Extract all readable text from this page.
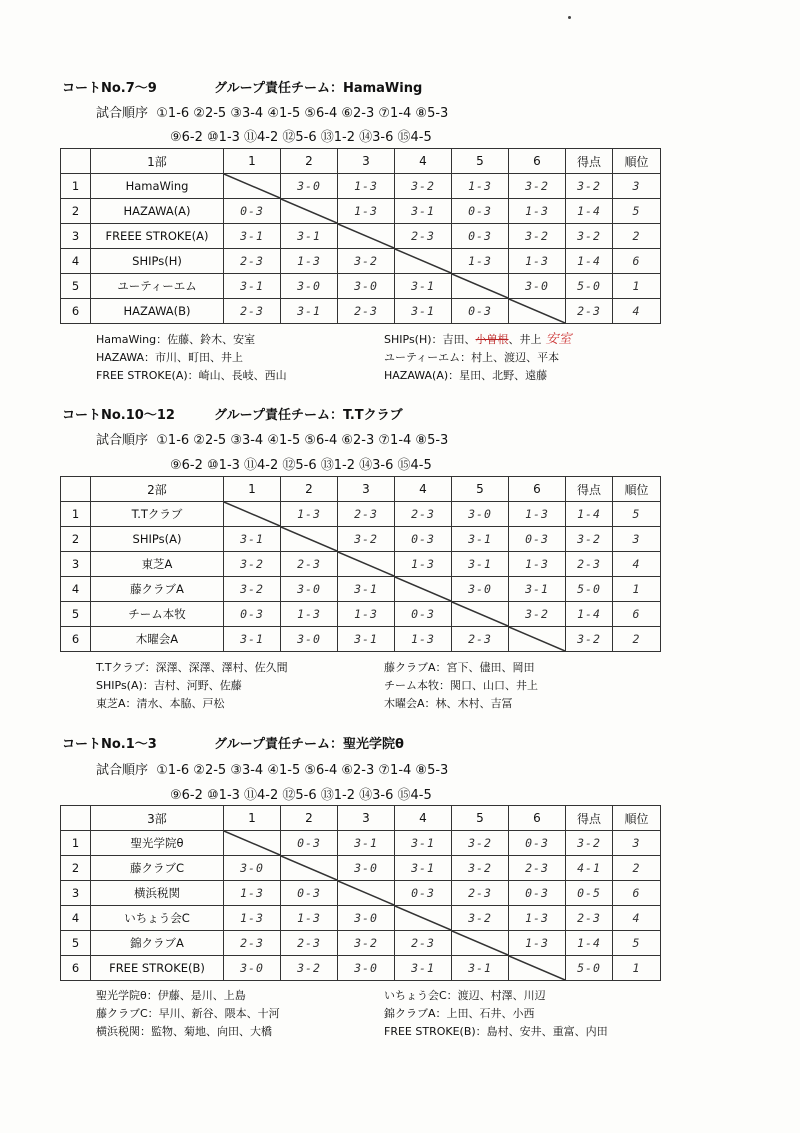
コートNo.7～9	グループ責任チーム：HamaWing
試合順序 ①1-6 ②2-5 ③3-4 ④1-5 ⑤6-4 ⑥2-3 ⑦1-4 ⑧5-3
⑨6-2 ⑩1-3 ⑪4-2 ⑫5-6 ⑬1-2 ⑭3-6 ⑮4-5
	1部	1	2	3	4	5	6	得点	順位
1	HamaWing		3-0	1-3	3-2	1-3	3-2	3-2	3
2	HAZAWA(A)	0-3		1-3	3-1	0-3	1-3	1-4	5
3	FREEE STROKE(A)	3-1	3-1		2-3	0-3	3-2	3-2	2
4	SHIPs(H)	2-3	1-3	3-2		1-3	1-3	1-4	6
5	ユーティーエム	3-1	3-0	3-0	3-1		3-0	5-0	1
6	HAZAWA(B)	2-3	3-1	2-3	3-1	0-3		2-3	4
HamaWing：佐藤、鈴木、安室
HAZAWA：市川、町田、井上
FREE STROKE(A)：崎山、長岐、西山
SHIPs(H)：吉田、小曽根、井上 安室
ユーティーエム：村上、渡辺、平本
HAZAWA(A)：星田、北野、遠藤
コートNo.10～12	グループ責任チーム：T.Tクラブ
試合順序 ①1-6 ②2-5 ③3-4 ④1-5 ⑤6-4 ⑥2-3 ⑦1-4 ⑧5-3
⑨6-2 ⑩1-3 ⑪4-2 ⑫5-6 ⑬1-2 ⑭3-6 ⑮4-5
	2部	1	2	3	4	5	6	得点	順位
1	T.Tクラブ		1-3	2-3	2-3	3-0	1-3	1-4	5
2	SHIPs(A)	3-1		3-2	0-3	3-1	0-3	3-2	3
3	東芝A	3-2	2-3		1-3	3-1	1-3	2-3	4
4	藤クラブA	3-2	3-0	3-1		3-0	3-1	5-0	1
5	チーム本牧	0-3	1-3	1-3	0-3		3-2	1-4	6
6	木曜会A	3-1	3-0	3-1	1-3	2-3		3-2	2
T.Tクラブ：深澤、深澤、澤村、佐久間
SHIPs(A)：吉村、河野、佐藤
東芝A：清水、本脇、戸松
藤クラブA：宮下、儘田、岡田
チーム本牧：関口、山口、井上
木曜会A：林、木村、吉冨
コートNo.1～3	グループ責任チーム：聖光学院θ
試合順序 ①1-6 ②2-5 ③3-4 ④1-5 ⑤6-4 ⑥2-3 ⑦1-4 ⑧5-3
⑨6-2 ⑩1-3 ⑪4-2 ⑫5-6 ⑬1-2 ⑭3-6 ⑮4-5
	3部	1	2	3	4	5	6	得点	順位
1	聖光学院θ		0-3	3-1	3-1	3-2	0-3	3-2	3
2	藤クラブC	3-0		3-0	3-1	3-2	2-3	4-1	2
3	横浜税関	1-3	0-3		0-3	2-3	0-3	0-5	6
4	いちょう会C	1-3	1-3	3-0		3-2	1-3	2-3	4
5	錦クラブA	2-3	2-3	3-2	2-3		1-3	1-4	5
6	FREE STROKE(B)	3-0	3-2	3-0	3-1	3-1		5-0	1
聖光学院θ：伊藤、是川、上島
藤クラブC：早川、新谷、隈本、十河
横浜税関：監物、菊地、向田、大橋
いちょう会C：渡辺、村澤、川辺
錦クラブA：上田、石井、小西
FREE STROKE(B)：島村、安井、重富、内田
